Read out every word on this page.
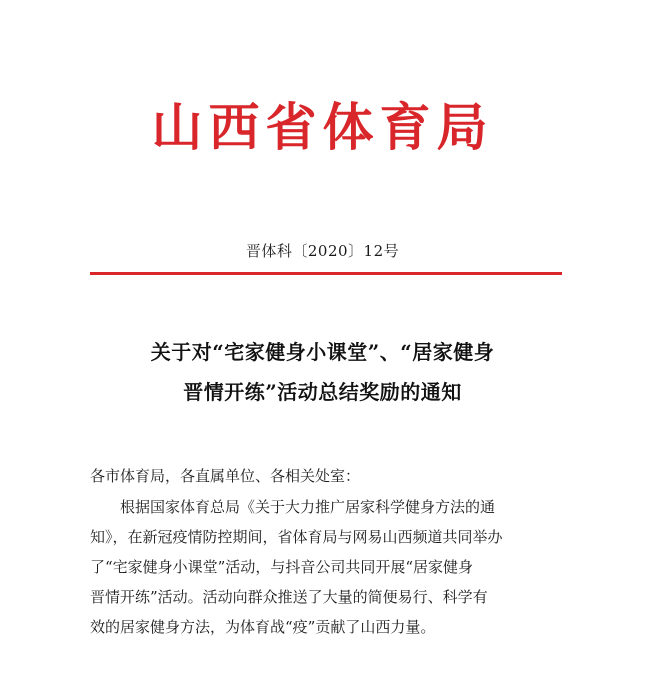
山西省体育局
晋体科〔2020〕12号
关于对“宅家健身小课堂”、“居家健身
晋情开练”活动总结奖励的通知
各市体育局，各直属单位、各相关处室：
根据国家体育总局《关于大力推广居家科学健身方法的通
知》，在新冠疫情防控期间，省体育局与网易山西频道共同举办
了“宅家健身小课堂”活动，与抖音公司共同开展“居家健身
晋情开练”活动。活动向群众推送了大量的简便易行、科学有
效的居家健身方法，为体育战“疫”贡献了山西力量。
